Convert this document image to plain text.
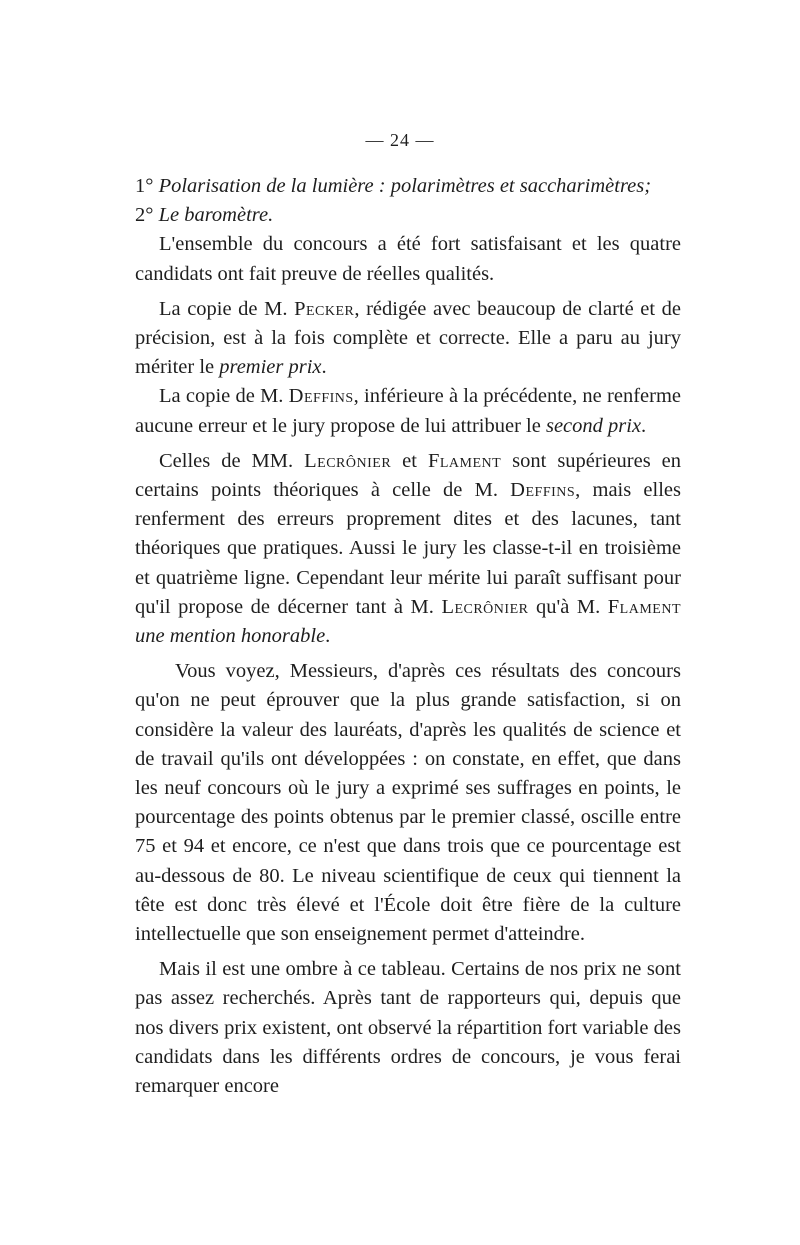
— 24 —

1° Polarisation de la lumière : polarimètres et saccharimètres;

2° Le baromètre.

L'ensemble du concours a été fort satisfaisant et les quatre candidats ont fait preuve de réelles qualités.

La copie de M. Pecker, rédigée avec beaucoup de clarté et de précision, est à la fois complète et correcte. Elle a paru au jury mériter le premier prix.

La copie de M. Deffins, inférieure à la précédente, ne renferme aucune erreur et le jury propose de lui attribuer le second prix.

Celles de MM. Lecrônier et Flament sont supérieures en certains points théoriques à celle de M. Deffins, mais elles renferment des erreurs proprement dites et des lacunes, tant théoriques que pratiques. Aussi le jury les classe-t-il en troisième et quatrième ligne. Cependant leur mérite lui paraît suffisant pour qu'il propose de décerner tant à M. Lecrônier qu'à M. Flament une mention honorable.

Vous voyez, Messieurs, d'après ces résultats des concours qu'on ne peut éprouver que la plus grande satisfaction, si on considère la valeur des lauréats, d'après les qualités de science et de travail qu'ils ont développées : on constate, en effet, que dans les neuf concours où le jury a exprimé ses suffrages en points, le pourcentage des points obtenus par le premier classé, oscille entre 75 et 94 et encore, ce n'est que dans trois que ce pourcentage est au-dessous de 80. Le niveau scientifique de ceux qui tiennent la tête est donc très élevé et l'École doit être fière de la culture intellectuelle que son enseignement permet d'atteindre.

Mais il est une ombre à ce tableau. Certains de nos prix ne sont pas assez recherchés. Après tant de rapporteurs qui, depuis que nos divers prix existent, ont observé la répartition fort variable des candidats dans les différents ordres de concours, je vous ferai remarquer encore
